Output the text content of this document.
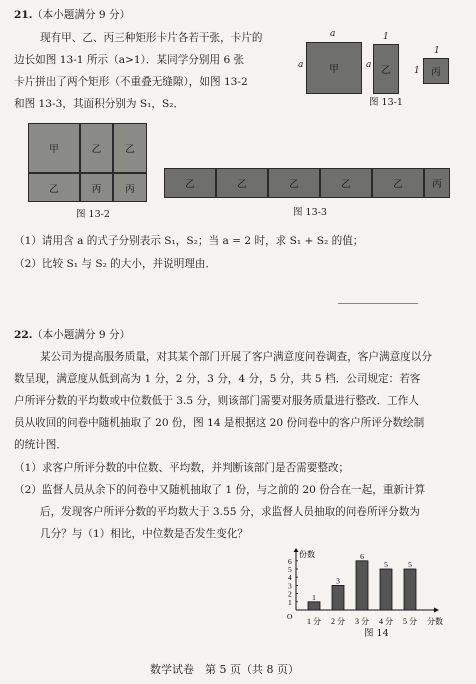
21. （本小题满分 9 分）
现有甲、乙、丙三种矩形卡片各若干张，卡片的
边长如图 13-1 所示（a>1）．某同学分别用 6 张
卡片拼出了两个矩形（不重叠无缝隙），如图 13-2
和图 13-3，其面积分别为 S₁，S₂．
a
a	甲
1
a	乙
1
1	丙
图 13-1
甲	乙	乙
乙	丙	丙
图 13-2
乙	乙	乙	乙	乙	丙
图 13-3
（1）请用含 a 的式子分别表示 S₁，S₂；当 a = 2 时，求 S₁ + S₂ 的值；
（2）比较 S₁ 与 S₂ 的大小，并说明理由．
22. （本小题满分 9 分）
某公司为提高服务质量，对其某个部门开展了客户满意度问卷调查，客户满意度以分
数呈现，满意度从低到高为 1 分，2 分，3 分，4 分，5 分，共 5 档．公司规定：若客
户所评分数的平均数或中位数低于 3.5 分，则该部门需要对服务质量进行整改．工作人
员从收回的问卷中随机抽取了 20 份，图 14 是根据这 20 份问卷中的客户所评分数绘制
的统计图．
（1）求客户所评分数的中位数、平均数，并判断该部门是否需要整改；
（2）监督人员从余下的问卷中又随机抽取了 1 份，与之前的 20 份合在一起，重新计算
后，发现客户所评分数的平均数大于 3.55 分，求监督人员抽取的问卷所评分数为
几分？与（1）相比，中位数是否发生变化？
份数
分数
O
1
2
3
4
5
6
1
1 分
3
2 分
6
3 分
5
4 分
5
5 分
图 14
数学试卷　第 5 页（共 8 页）
